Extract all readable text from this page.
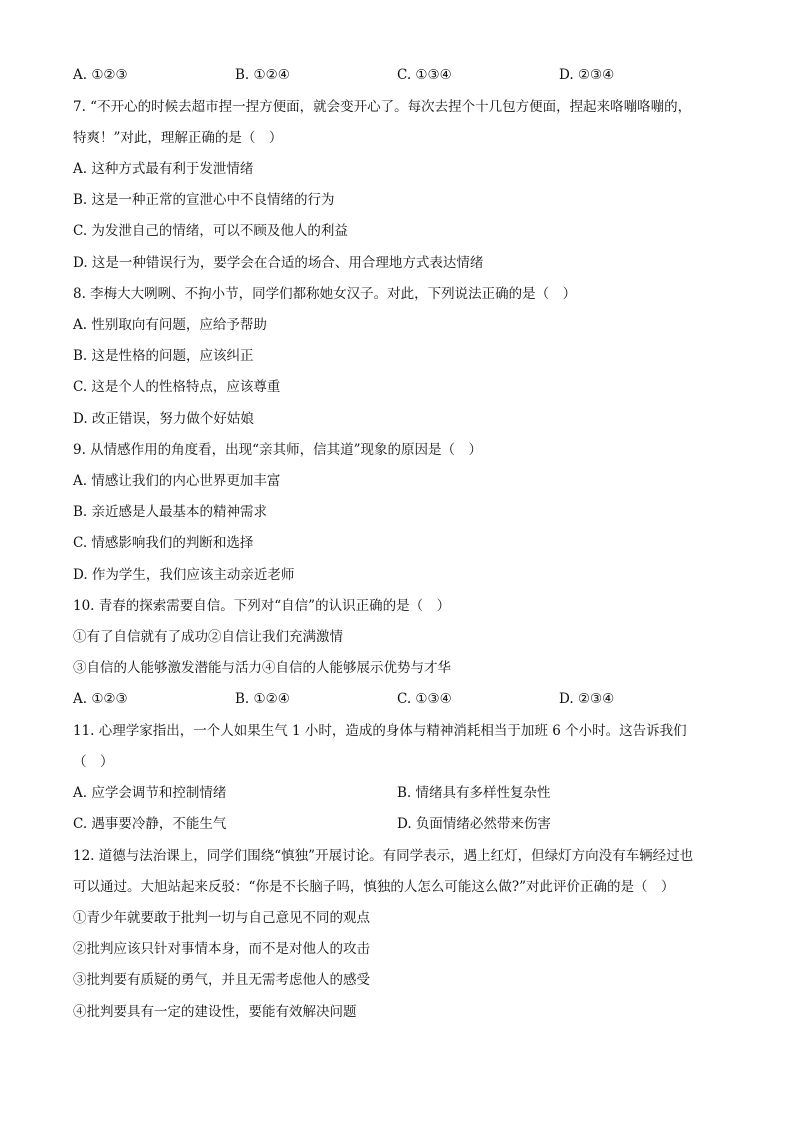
A. ①②③	B. ①②④	C. ①③④	D. ②③④
7. “不开心的时候去超市捏一捏方便面，就会变开心了。每次去捏个十几包方便面，捏起来咯嘣咯嘣的，
特爽！”对此，理解正确的是（　）
A. 这种方式最有利于发泄情绪
B. 这是一种正常的宣泄心中不良情绪的行为
C. 为发泄自己的情绪，可以不顾及他人的利益
D. 这是一种错误行为，要学会在合适的场合、用合理地方式表达情绪
8. 李梅大大咧咧、不拘小节，同学们都称她女汉子。对此，下列说法正确的是（　）
A. 性别取向有问题，应给予帮助
B. 这是性格的问题，应该纠正
C. 这是个人的性格特点，应该尊重
D. 改正错误，努力做个好姑娘
9. 从情感作用的角度看，出现“亲其师，信其道”现象的原因是（　）
A. 情感让我们的内心世界更加丰富
B. 亲近感是人最基本的精神需求
C. 情感影响我们的判断和选择
D. 作为学生，我们应该主动亲近老师
10. 青春的探索需要自信。下列对“自信”的认识正确的是（　）
①有了自信就有了成功②自信让我们充满激情
③自信的人能够激发潜能与活力④自信的人能够展示优势与才华
A. ①②③	B. ①②④	C. ①③④	D. ②③④
11. 心理学家指出，一个人如果生气 1 小时，造成的身体与精神消耗相当于加班 6 个小时。这告诉我们
（　）
A. 应学会调节和控制情绪	B. 情绪具有多样性复杂性
C. 遇事要冷静，不能生气	D. 负面情绪必然带来伤害
12. 道德与法治课上，同学们围绕“慎独”开展讨论。有同学表示，遇上红灯，但绿灯方向没有车辆经过也
可以通过。大旭站起来反驳：“你是不长脑子吗，慎独的人怎么可能这么做?”对此评价正确的是（　）
①青少年就要敢于批判一切与自己意见不同的观点
②批判应该只针对事情本身，而不是对他人的攻击
③批判要有质疑的勇气，并且无需考虑他人的感受
④批判要具有一定的建设性，要能有效解决问题
